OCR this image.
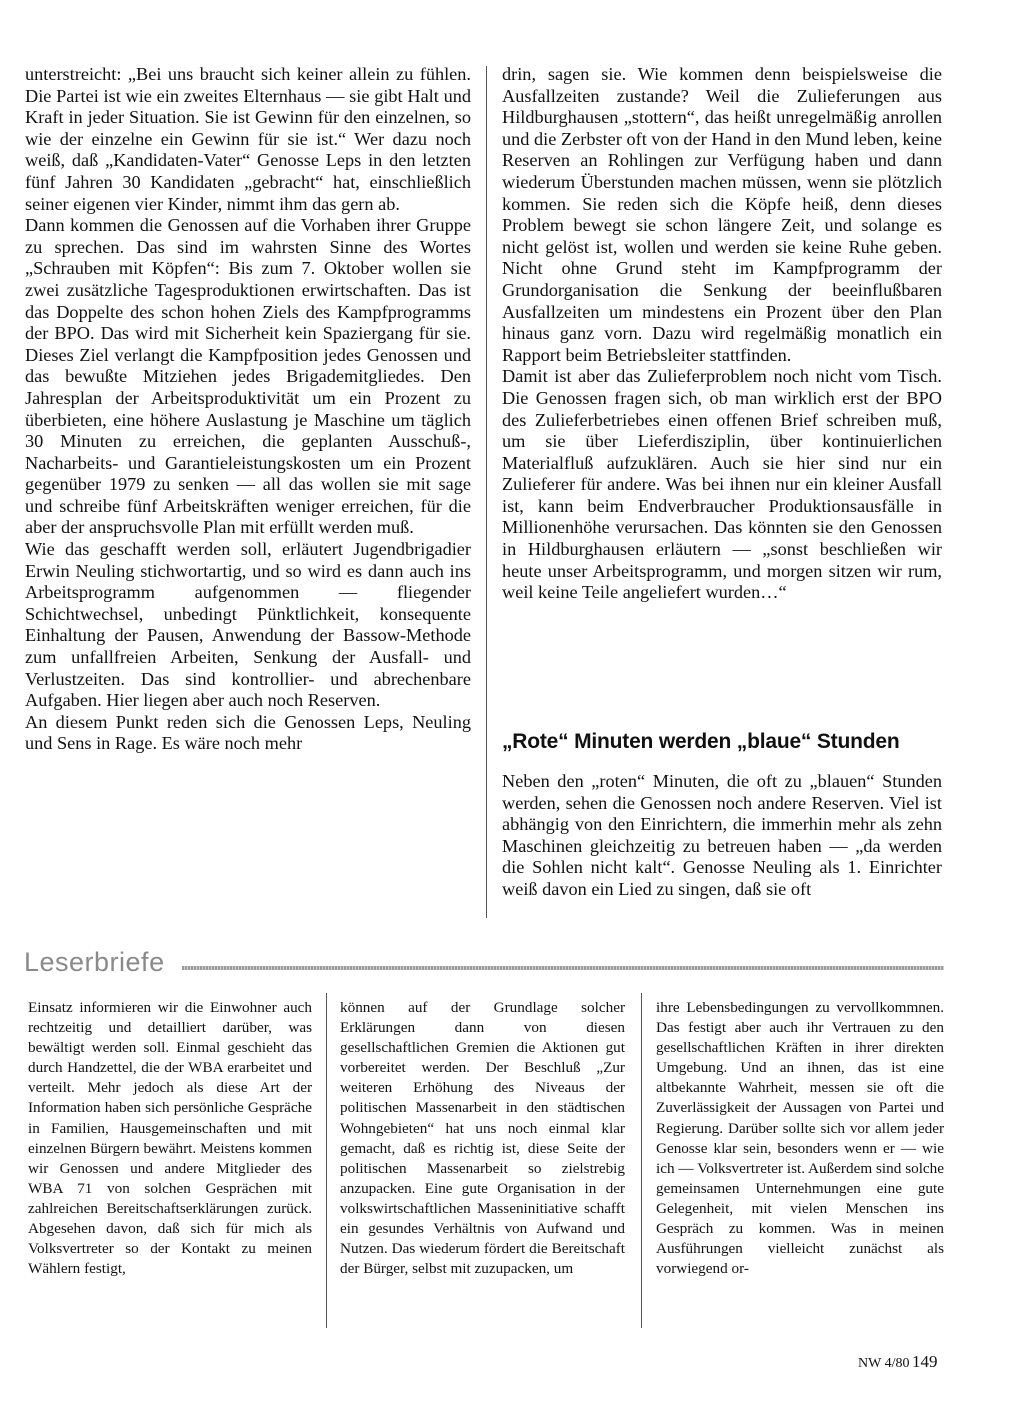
unterstreicht: „Bei uns braucht sich keiner allein zu fühlen. Die Partei ist wie ein zweites Elternhaus — sie gibt Halt und Kraft in jeder Situation. Sie ist Gewinn für den einzelnen, so wie der einzelne ein Gewinn für sie ist.“ Wer dazu noch weiß, daß „Kandidaten-Vater“ Genosse Leps in den letzten fünf Jahren 30 Kandidaten „gebracht“ hat, einschließlich seiner eigenen vier Kinder, nimmt ihm das gern ab.

Dann kommen die Genossen auf die Vorhaben ihrer Gruppe zu sprechen. Das sind im wahrsten Sinne des Wortes „Schrauben mit Köpfen“: Bis zum 7. Oktober wollen sie zwei zusätzliche Tagesproduktionen erwirtschaften. Das ist das Doppelte des schon hohen Ziels des Kampfprogramms der BPO. Das wird mit Sicherheit kein Spaziergang für sie. Dieses Ziel verlangt die Kampfposition jedes Genossen und das bewußte Mitziehen jedes Brigademitgliedes. Den Jahresplan der Arbeitsproduktivität um ein Prozent zu überbieten, eine höhere Auslastung je Maschine um täglich 30 Minuten zu erreichen, die geplanten Ausschuß-, Nacharbeits- und Garantieleistungskosten um ein Prozent gegenüber 1979 zu senken — all das wollen sie mit sage und schreibe fünf Arbeitskräften weniger erreichen, für die aber der anspruchsvolle Plan mit erfüllt werden muß.

Wie das geschafft werden soll, erläutert Jugendbrigadier Erwin Neuling stichwortartig, und so wird es dann auch ins Arbeitsprogramm aufgenommen — fliegender Schichtwechsel, unbedingt Pünktlichkeit, konsequente Einhaltung der Pausen, Anwendung der Bassow-Methode zum unfallfreien Arbeiten, Senkung der Ausfall- und Verlustzeiten. Das sind kontrollier- und abrechenbare Aufgaben. Hier liegen aber auch noch Reserven.

An diesem Punkt reden sich die Genossen Leps, Neuling und Sens in Rage. Es wäre noch mehr

drin, sagen sie. Wie kommen denn beispielsweise die Ausfallzeiten zustande? Weil die Zulieferungen aus Hildburghausen „stottern“, das heißt unregelmäßig anrollen und die Zerbster oft von der Hand in den Mund leben, keine Reserven an Rohlingen zur Verfügung haben und dann wiederum Überstunden machen müssen, wenn sie plötzlich kommen. Sie reden sich die Köpfe heiß, denn dieses Problem bewegt sie schon längere Zeit, und solange es nicht gelöst ist, wollen und werden sie keine Ruhe geben. Nicht ohne Grund steht im Kampfprogramm der Grundorganisation die Senkung der beeinflußbaren Ausfallzeiten um mindestens ein Prozent über den Plan hinaus ganz vorn. Dazu wird regelmäßig monatlich ein Rapport beim Betriebsleiter stattfinden.

Damit ist aber das Zulieferproblem noch nicht vom Tisch. Die Genossen fragen sich, ob man wirklich erst der BPO des Zulieferbetriebes einen offenen Brief schreiben muß, um sie über Lieferdisziplin, über kontinuierlichen Materialfluß aufzuklären. Auch sie hier sind nur ein Zulieferer für andere. Was bei ihnen nur ein kleiner Ausfall ist, kann beim Endverbraucher Produktionsausfälle in Millionenhöhe verursachen. Das könnten sie den Genossen in Hildburghausen erläutern — „sonst beschließen wir heute unser Arbeitsprogramm, und morgen sitzen wir rum, weil keine Teile angeliefert wurden…“

„Rote“ Minuten werden „blaue“ Stunden

Neben den „roten“ Minuten, die oft zu „blauen“ Stunden werden, sehen die Genossen noch andere Reserven. Viel ist abhängig von den Einrichtern, die immerhin mehr als zehn Maschinen gleichzeitig zu betreuen haben — „da werden die Sohlen nicht kalt“. Genosse Neuling als 1. Einrichter weiß davon ein Lied zu singen, daß sie oft

Leserbriefe

Einsatz informieren wir die Einwohner auch rechtzeitig und detailliert darüber, was bewältigt werden soll. Einmal geschieht das durch Handzettel, die der WBA erarbeitet und verteilt. Mehr jedoch als diese Art der Information haben sich persönliche Gespräche in Familien, Hausgemeinschaften und mit einzelnen Bürgern bewährt. Meistens kommen wir Genossen und andere Mitglieder des WBA 71 von solchen Gesprächen mit zahlreichen Bereitschaftserklärungen zurück. Abgesehen davon, daß sich für mich als Volksvertreter so der Kontakt zu meinen Wählern festigt,

können auf der Grundlage solcher Erklärungen dann von diesen gesellschaftlichen Gremien die Aktionen gut vorbereitet werden. Der Beschluß „Zur weiteren Erhöhung des Niveaus der politischen Massenarbeit in den städtischen Wohngebieten“ hat uns noch einmal klar gemacht, daß es richtig ist, diese Seite der politischen Massenarbeit so zielstrebig anzupacken. Eine gute Organisation in der volkswirtschaftlichen Masseninitiative schafft ein gesundes Verhältnis von Aufwand und Nutzen. Das wiederum fördert die Bereitschaft der Bürger, selbst mit zuzupacken, um

ihre Lebensbedingungen zu vervollkommnen. Das festigt aber auch ihr Vertrauen zu den gesellschaftlichen Kräften in ihrer direkten Umgebung. Und an ihnen, das ist eine altbekannte Wahrheit, messen sie oft die Zuverlässigkeit der Aussagen von Partei und Regierung. Darüber sollte sich vor allem jeder Genosse klar sein, besonders wenn er — wie ich — Volksvertreter ist. Außerdem sind solche gemeinsamen Unternehmungen eine gute Gelegenheit, mit vielen Menschen ins Gespräch zu kommen. Was in meinen Ausführungen vielleicht zunächst als vorwiegend or-

NW 4/80 149
